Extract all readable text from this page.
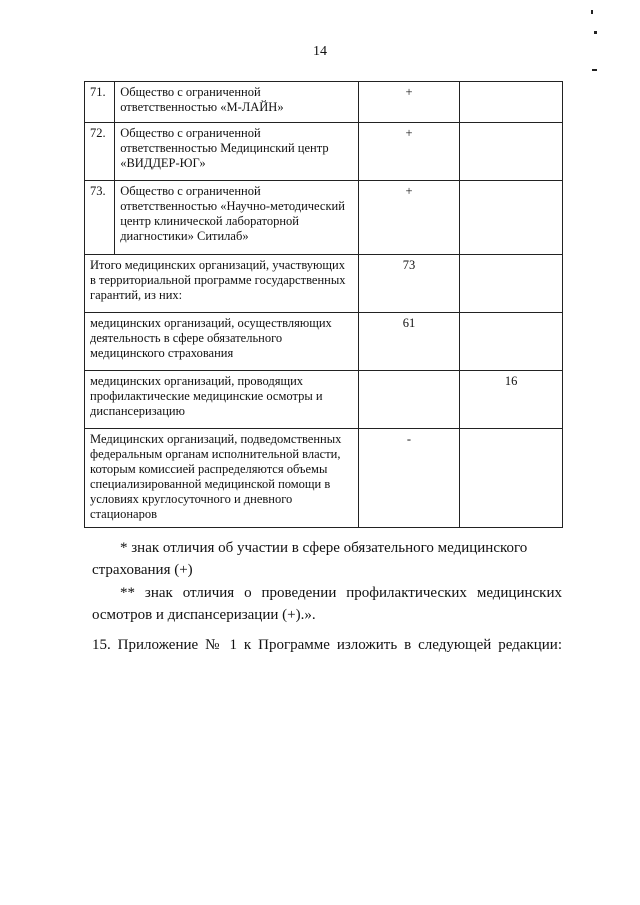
14
71.	Общество с ограниченной ответственностью «М-ЛАЙН»	+	
72.	Общество с ограниченной ответственностью Медицинский центр «ВИДДЕР-ЮГ»	+	
73.	Общество с ограниченной ответственностью «Научно-методический центр клинической лабораторной диагностики» Ситилаб»	+	
Итого медицинских организаций, участвующих в территориальной программе государственных гарантий, из них:		73	
медицинских организаций, осуществляющих деятельность в сфере обязательного медицинского страхования		61	
медицинских организаций, проводящих профилактические медицинские осмотры и диспансеризацию			16
Медицинских организаций, подведомственных федеральным органам исполнительной власти, которым комиссией распределяются объемы специализированной медицинской помощи в условиях круглосуточного и дневного стационаров		-	
* знак отличия об участии в сфере обязательного медицинского
страхования (+)
** знак отличия о проведении профилактических медицинских
осмотров и диспансеризации (+).».
15. Приложение № 1 к Программе изложить в следующей редакции:
